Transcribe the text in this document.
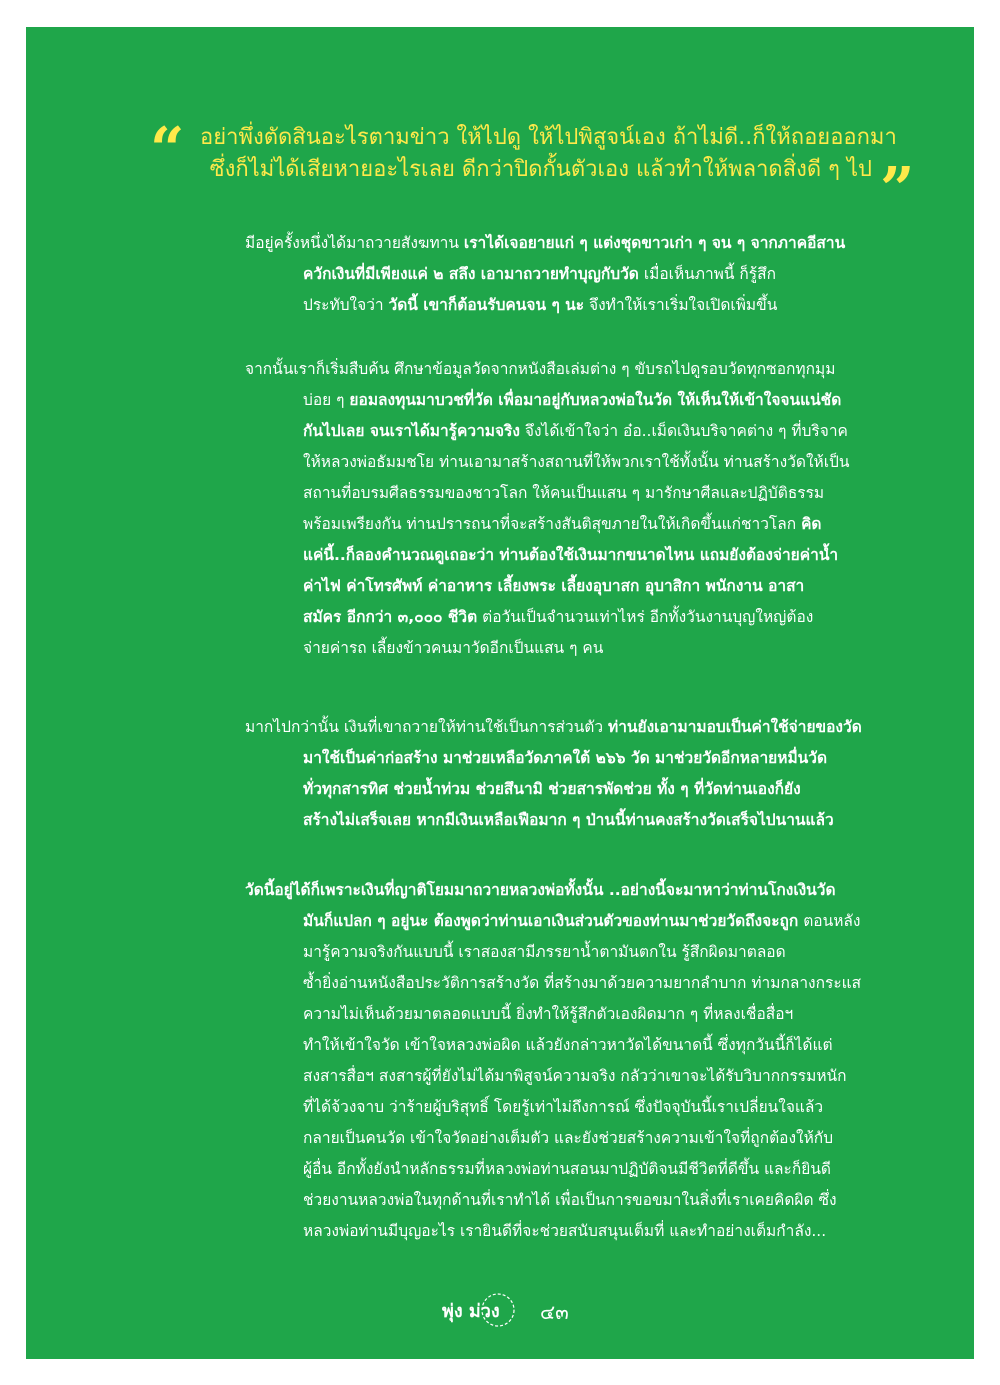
“ อย่าพึ่งตัดสินอะไรตามข่าว ให้ไปดู ให้ไปพิสูจน์เอง ถ้าไม่ดี..ก็ให้ถอยออกมา
ซึ่งก็ไม่ได้เสียหายอะไรเลย ดีกว่าปิดกั้นตัวเอง แล้วทำให้พลาดสิ่งดี ๆ ไป ”
มีอยู่ครั้งหนึ่งได้มาถวายสังฆทาน เราได้เจอยายแก่ ๆ แต่งชุดขาวเก่า ๆ จน ๆ จากภาคอีสาน
ควักเงินที่มีเพียงแค่ ๒ สลึง เอามาถวายทำบุญกับวัด เมื่อเห็นภาพนี้ ก็รู้สึก
ประทับใจว่า วัดนี้ เขาก็ต้อนรับคนจน ๆ นะ จึงทำให้เราเริ่มใจเปิดเพิ่มขึ้น
จากนั้นเราก็เริ่มสืบค้น ศึกษาข้อมูลวัดจากหนังสือเล่มต่าง ๆ ขับรถไปดูรอบวัดทุกซอกทุกมุม
บ่อย ๆ ยอมลงทุนมาบวชที่วัด เพื่อมาอยู่กับหลวงพ่อในวัด ให้เห็นให้เข้าใจจนแน่ชัด
กันไปเลย จนเราได้มารู้ความจริง จึงได้เข้าใจว่า อ๋อ..เม็ดเงินบริจาคต่าง ๆ ที่บริจาค
ให้หลวงพ่อธัมมชโย ท่านเอามาสร้างสถานที่ให้พวกเราใช้ทั้งนั้น ท่านสร้างวัดให้เป็น
สถานที่อบรมศีลธรรมของชาวโลก ให้คนเป็นแสน ๆ มารักษาศีลและปฏิบัติธรรม
พร้อมเพรียงกัน ท่านปรารถนาที่จะสร้างสันติสุขภายในให้เกิดขึ้นแก่ชาวโลก คิด
แค่นี้..ก็ลองคำนวณดูเถอะว่า ท่านต้องใช้เงินมากขนาดไหน แถมยังต้องจ่ายค่าน้ำ
ค่าไฟ ค่าโทรศัพท์ ค่าอาหาร เลี้ยงพระ เลี้ยงอุบาสก อุบาสิกา พนักงาน อาสา
สมัคร อีกกว่า ๓,๐๐๐ ชีวิต ต่อวันเป็นจำนวนเท่าไหร่ อีกทั้งวันงานบุญใหญ่ต้อง
จ่ายค่ารถ เลี้ยงข้าวคนมาวัดอีกเป็นแสน ๆ คน
มากไปกว่านั้น เงินที่เขาถวายให้ท่านใช้เป็นการส่วนตัว ท่านยังเอามามอบเป็นค่าใช้จ่ายของวัด
มาใช้เป็นค่าก่อสร้าง มาช่วยเหลือวัดภาคใต้ ๒๖๖ วัด มาช่วยวัดอีกหลายหมื่นวัด
ทั่วทุกสารทิศ ช่วยน้ำท่วม ช่วยสึนามิ ช่วยสารพัดช่วย ทั้ง ๆ ที่วัดท่านเองก็ยัง
สร้างไม่เสร็จเลย หากมีเงินเหลือเฟือมาก ๆ ป่านนี้ท่านคงสร้างวัดเสร็จไปนานแล้ว
วัดนี้อยู่ได้ก็เพราะเงินที่ญาติโยมมาถวายหลวงพ่อทั้งนั้น ..อย่างนี้จะมาหาว่าท่านโกงเงินวัด
มันก็แปลก ๆ อยู่นะ ต้องพูดว่าท่านเอาเงินส่วนตัวของท่านมาช่วยวัดถึงจะถูก ตอนหลัง
มารู้ความจริงกันแบบนี้ เราสองสามีภรรยาน้ำตามันตกใน รู้สึกผิดมาตลอด
ซ้ำยิ่งอ่านหนังสือประวัติการสร้างวัด ที่สร้างมาด้วยความยากลำบาก ท่ามกลางกระแส
ความไม่เห็นด้วยมาตลอดแบบนี้ ยิ่งทำให้รู้สึกตัวเองผิดมาก ๆ ที่หลงเชื่อสื่อฯ
ทำให้เข้าใจวัด เข้าใจหลวงพ่อผิด แล้วยังกล่าวหาวัดได้ขนาดนี้ ซึ่งทุกวันนี้ก็ได้แต่
สงสารสื่อฯ สงสารผู้ที่ยังไม่ได้มาพิสูจน์ความจริง กลัวว่าเขาจะได้รับวิบากกรรมหนัก
ที่ได้จ้วงจาบ ว่าร้ายผู้บริสุทธิ์ โดยรู้เท่าไม่ถึงการณ์ ซึ่งปัจจุบันนี้เราเปลี่ยนใจแล้ว
กลายเป็นคนวัด เข้าใจวัดอย่างเต็มตัว และยังช่วยสร้างความเข้าใจที่ถูกต้องให้กับ
ผู้อื่น อีกทั้งยังนำหลักธรรมที่หลวงพ่อท่านสอนมาปฏิบัติจนมีชีวิตที่ดีขึ้น และก็ยินดี
ช่วยงานหลวงพ่อในทุกด้านที่เราทำได้ เพื่อเป็นการขอขมาในสิ่งที่เราเคยคิดผิด ซึ่ง
หลวงพ่อท่านมีบุญอะไร เรายินดีที่จะช่วยสนับสนุนเต็มที่ และทำอย่างเต็มกำลัง...
พุ่ง ม่วง ๔๓
